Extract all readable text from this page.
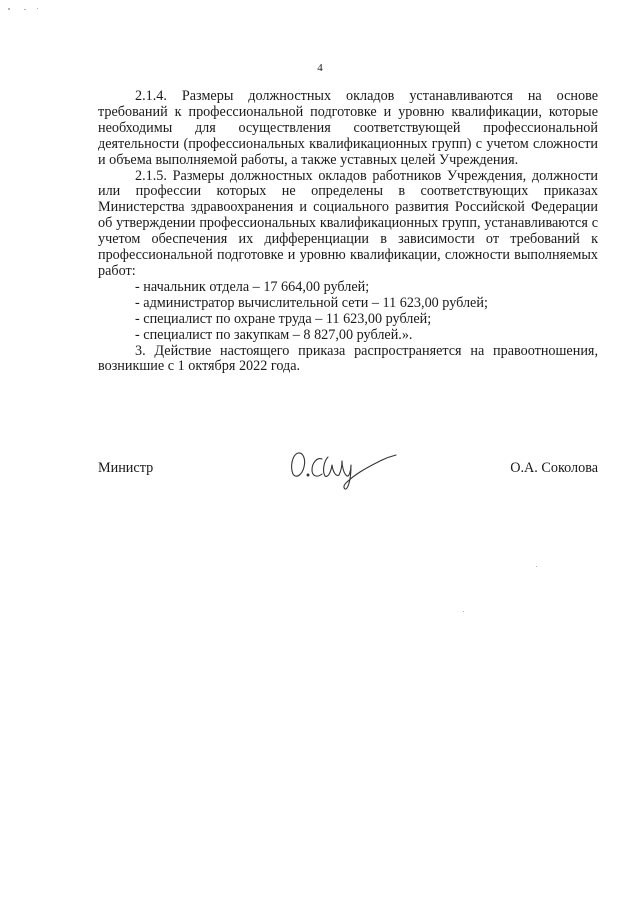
4

2.1.4. Размеры должностных окладов устанавливаются на основе требований к профессиональной подготовке и уровню квалификации, которые необходимы для осуществления соответствующей профессиональной деятельности (профессиональных квалификационных групп) с учетом сложности и объема выполняемой работы, а также уставных целей Учреждения.

2.1.5. Размеры должностных окладов работников Учреждения, должности или профессии которых не определены в соответствующих приказах Министерства здравоохранения и социального развития Российской Федерации об утверждении профессиональных квалификационных групп, устанавливаются с учетом обеспечения их дифференциации в зависимости от требований к профессиональной подготовке и уровню квалификации, сложности выполняемых работ:

- начальник отдела – 17 664,00 рублей;

- администратор вычислительной сети – 11 623,00 рублей;

- специалист по охране труда – 11 623,00 рублей;

- специалист по закупкам – 8 827,00 рублей.».

3. Действие настоящего приказа распространяется на правоотношения, возникшие с 1 октября 2022 года.

Министр	О.А. Соколова
